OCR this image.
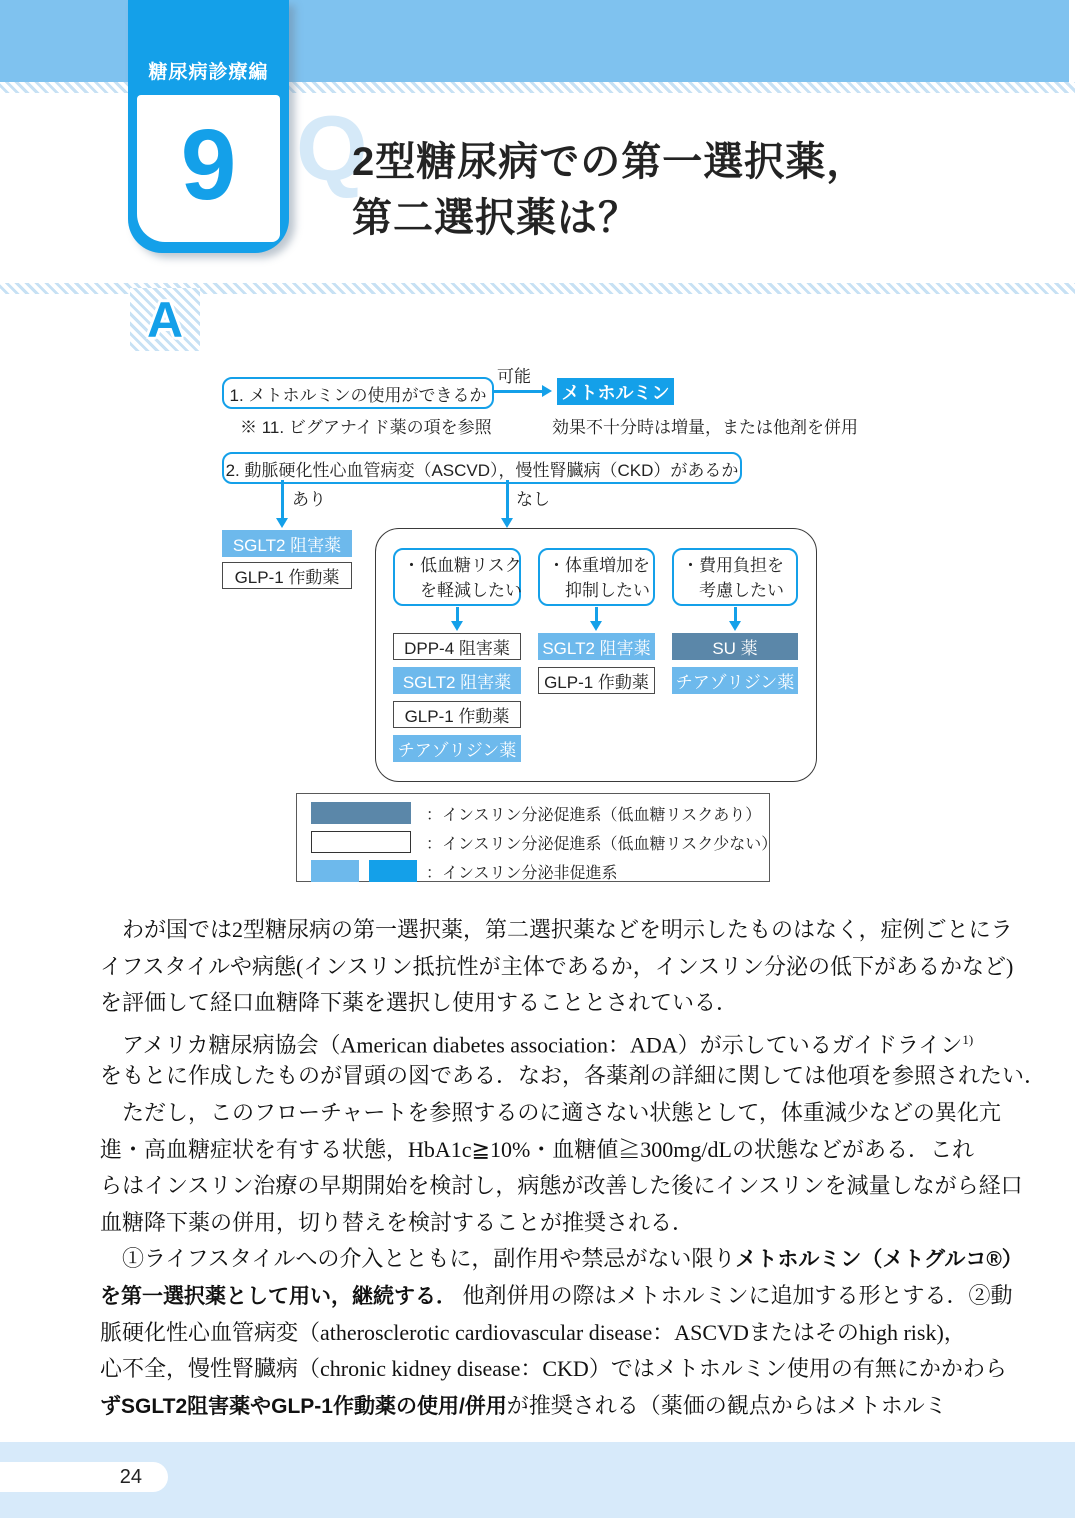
糖尿病診療編
9 Q
2型糖尿病での第一選択薬，
第二選択薬は？
A
1. メトホルミンの使用ができるか
可能
メトホルミン
※ 11. ビグアナイド薬の項を参照	効果不十分時は増量，または他剤を併用
2. 動脈硬化性心血管病変（ASCVD），慢性腎臓病（CKD）があるか
あり	なし
SGLT2 阻害薬
GLP-1 作動薬
・低血糖リスク
を軽減したい
DPP-4 阻害薬
SGLT2 阻害薬
GLP-1 作動薬
チアゾリジン薬
・体重増加を
抑制したい
SGLT2 阻害薬
GLP-1 作動薬
・費用負担を
考慮したい
SU 薬
チアゾリジン薬
：インスリン分泌促進系（低血糖リスクあり）
：インスリン分泌促進系（低血糖リスク少ない）
：インスリン分泌非促進系
　わが国では2型糖尿病の第一選択薬，第二選択薬などを明示したものはなく，症例ごとにラ
イフスタイルや病態(インスリン抵抗性が主体であるか，インスリン分泌の低下があるかなど)
を評価して経口血糖降下薬を選択し使用することとされている．
　アメリカ糖尿病協会（American diabetes association：ADA）が示しているガイドライン$^{1)}$
をもとに作成したものが冒頭の図である．なお，各薬剤の詳細に関しては他項を参照されたい．
　ただし，このフローチャートを参照するのに適さない状態として，体重減少などの異化亢
進・高血糖症状を有する状態，HbA1c≧10%・血糖値≧300mg/dLの状態などがある．これ
らはインスリン治療の早期開始を検討し，病態が改善した後にインスリンを減量しながら経口
血糖降下薬の併用，切り替えを検討することが推奨される．
　①ライフスタイルへの介入とともに，副作用や禁忌がない限りメトホルミン（メトグルコ®）
を第一選択薬として用い，継続する． 他剤併用の際はメトホルミンに追加する形とする．②動
脈硬化性心血管病変（atherosclerotic cardiovascular disease：ASCVDまたはそのhigh risk)，
心不全，慢性腎臓病（chronic kidney disease：CKD）ではメトホルミン使用の有無にかかわら
ずSGLT2阻害薬やGLP-1作動薬の使用/併用が推奨される（薬価の観点からはメトホルミ
24
